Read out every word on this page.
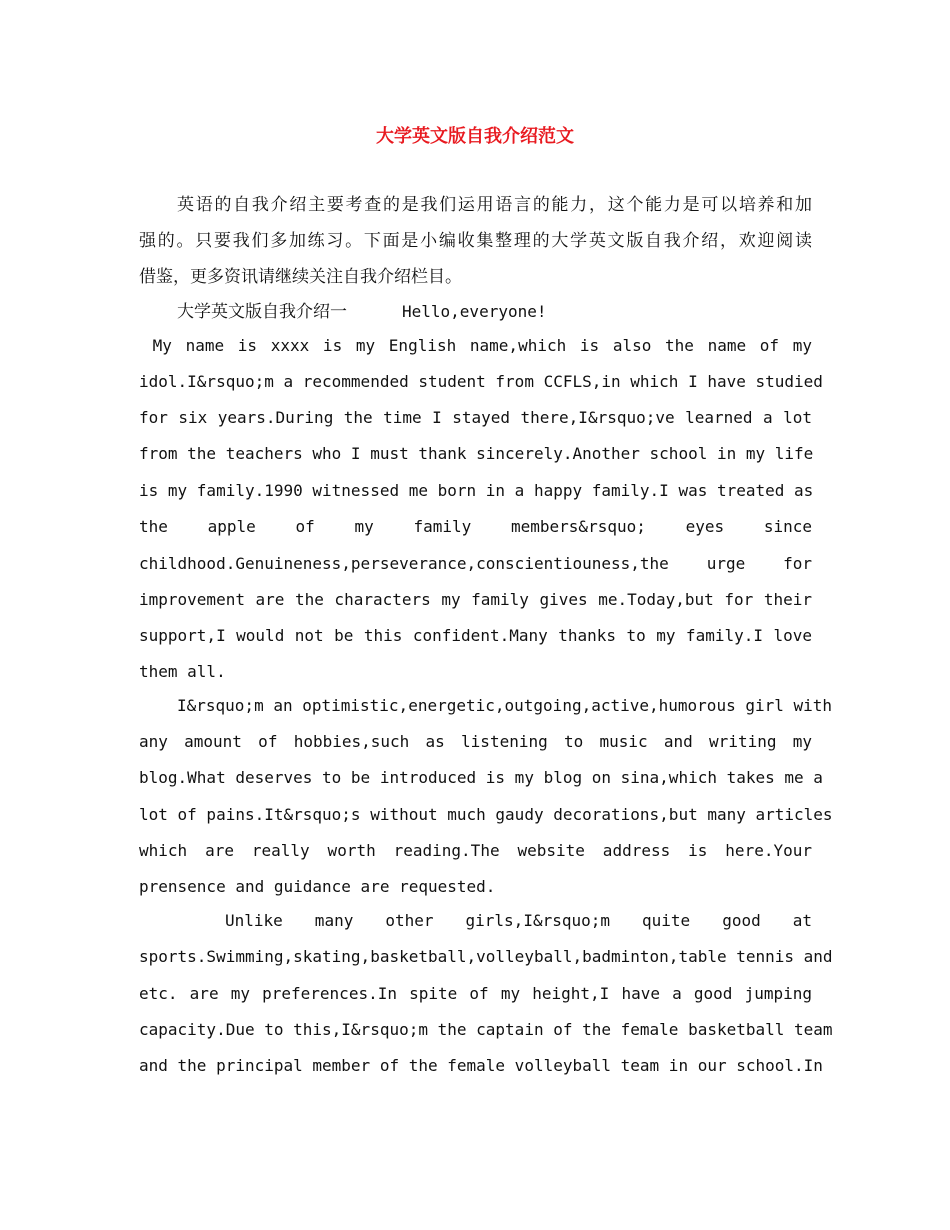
大学英文版自我介绍范文
英语的自我介绍主要考查的是我们运用语言的能力，这个能力是可以培养和加
强的。只要我们多加练习。下面是小编收集整理的大学英文版自我介绍，欢迎阅读
借鉴，更多资讯请继续关注自我介绍栏目。
大学英文版自我介绍一	Hello,everyone!
My name is xxxx is my English name,which is also the name of my
idol.I&rsquo;m a recommended student from CCFLS,in which I have studied
for six years.During the time I stayed there,I&rsquo;ve learned a lot
from the teachers who I must thank sincerely.Another school in my life
is my family.1990 witnessed me born in a happy family.I was treated as
the apple of my family members&rsquo; eyes since
childhood.Genuineness,perseverance,conscientiouness,the urge for
improvement are the characters my family gives me.Today,but for their
support,I would not be this confident.Many thanks to my family.I love
them all.
I&rsquo;m an optimistic,energetic,outgoing,active,humorous girl with
any amount of hobbies,such as listening to music and writing my
blog.What deserves to be introduced is my blog on sina,which takes me a
lot of pains.It&rsquo;s without much gaudy decorations,but many articles
which are really worth reading.The website address is here.Your
prensence and guidance are requested.
Unlike many other girls,I&rsquo;m quite good at
sports.Swimming,skating,basketball,volleyball,badminton,table tennis and
etc. are my preferences.In spite of my height,I have a good jumping
capacity.Due to this,I&rsquo;m the captain of the female basketball team
and the principal member of the female volleyball team in our school.In
